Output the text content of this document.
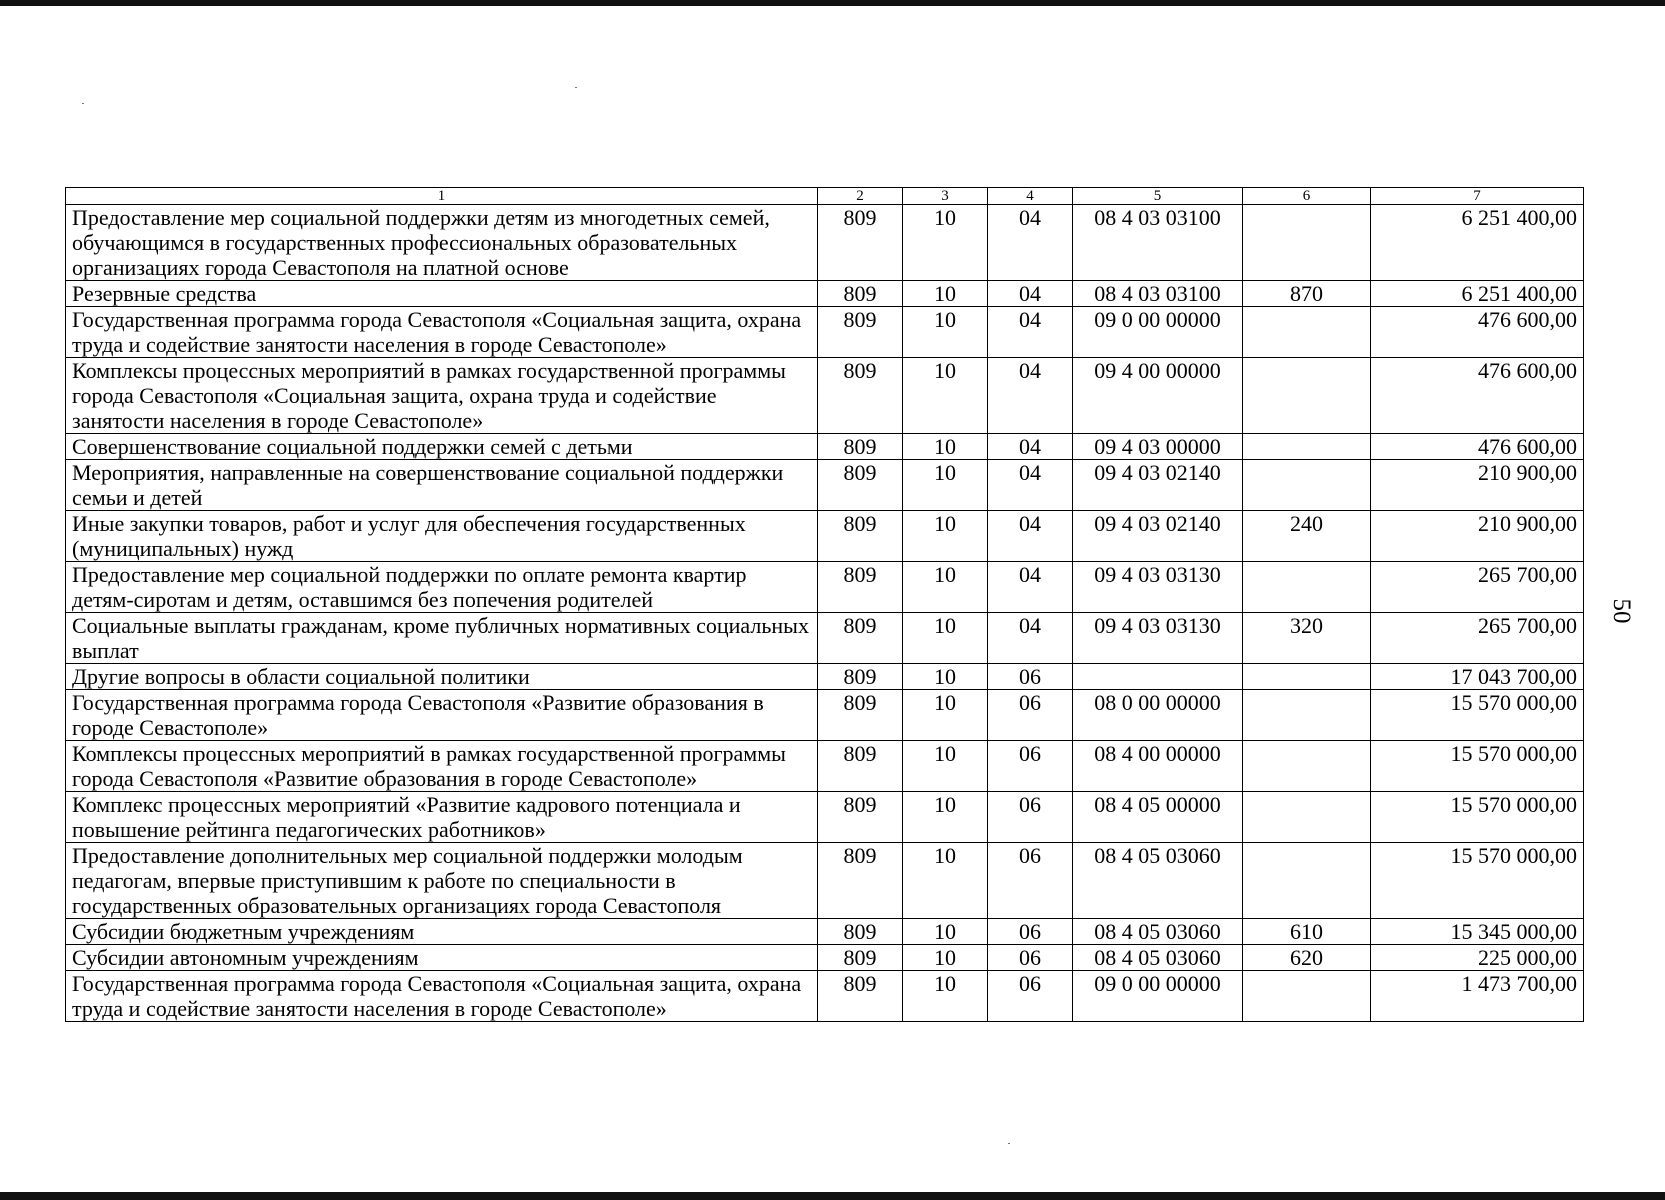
50
1	2	3	4	5	6	7
Предоставление мер социальной поддержки детям из многодетных семей, обучающимся в государственных профессиональных образовательных организациях города Севастополя на платной основе	809	10	04	08 4 03 03100		6 251 400,00
Резервные средства	809	10	04	08 4 03 03100	870	6 251 400,00
Государственная программа города Севастополя «Социальная защита, охрана труда и содействие занятости населения в городе Севастополе»	809	10	04	09 0 00 00000		476 600,00
Комплексы процессных мероприятий в рамках государственной программы города Севастополя «Социальная защита, охрана труда и содействие занятости населения в городе Севастополе»	809	10	04	09 4 00 00000		476 600,00
Совершенствование социальной поддержки семей с детьми	809	10	04	09 4 03 00000		476 600,00
Мероприятия, направленные на совершенствование социальной поддержки семьи и детей	809	10	04	09 4 03 02140		210 900,00
Иные закупки товаров, работ и услуг для обеспечения государственных (муниципальных) нужд	809	10	04	09 4 03 02140	240	210 900,00
Предоставление мер социальной поддержки по оплате ремонта квартир детям-сиротам и детям, оставшимся без попечения родителей	809	10	04	09 4 03 03130		265 700,00
Социальные выплаты гражданам, кроме публичных нормативных социальных выплат	809	10	04	09 4 03 03130	320	265 700,00
Другие вопросы в области социальной политики	809	10	06			17 043 700,00
Государственная программа города Севастополя «Развитие образования в городе Севастополе»	809	10	06	08 0 00 00000		15 570 000,00
Комплексы процессных мероприятий в рамках государственной программы города Севастополя «Развитие образования в городе Севастополе»	809	10	06	08 4 00 00000		15 570 000,00
Комплекс процессных мероприятий «Развитие кадрового потенциала и повышение рейтинга педагогических работников»	809	10	06	08 4 05 00000		15 570 000,00
Предоставление дополнительных мер социальной поддержки молодым педагогам, впервые приступившим к работе по специальности в государственных образовательных организациях города Севастополя	809	10	06	08 4 05 03060		15 570 000,00
Субсидии бюджетным учреждениям	809	10	06	08 4 05 03060	610	15 345 000,00
Субсидии автономным учреждениям	809	10	06	08 4 05 03060	620	225 000,00
Государственная программа города Севастополя «Социальная защита, охрана труда и содействие занятости населения в городе Севастополе»	809	10	06	09 0 00 00000		1 473 700,00
